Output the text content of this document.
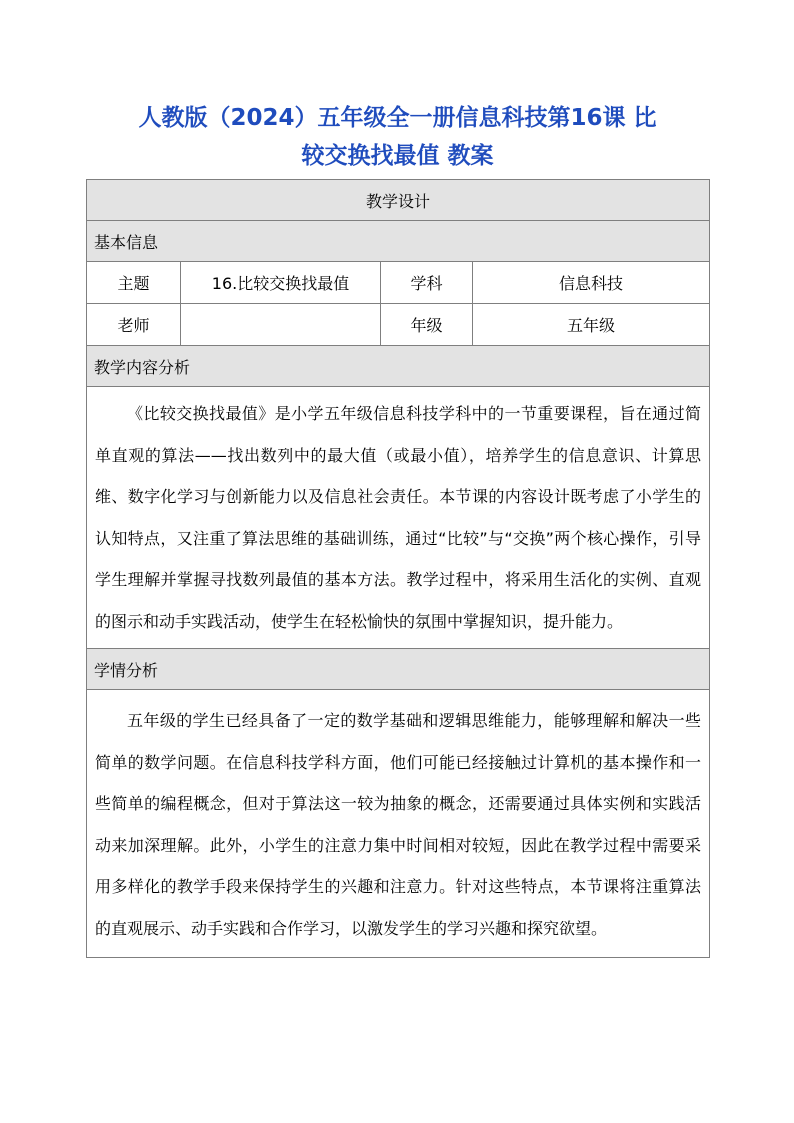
人教版（2024）五年级全一册信息科技第16课 比
较交换找最值 教案
教学设计			
基本信息			
主题	16.比较交换找最值	学科	信息科技
老师		年级	五年级
教学内容分析			
《比较交换找最值》是小学五年级信息科技学科中的一节重要课程，旨在通过简单直观的算法——找出数列中的最大值（或最小值），培养学生的信息意识、计算思维、数字化学习与创新能力以及信息社会责任。本节课的内容设计既考虑了小学生的认知特点，又注重了算法思维的基础训练，通过“比较”与“交换”两个核心操作，引导学生理解并掌握寻找数列最值的基本方法。教学过程中，将采用生活化的实例、直观的图示和动手实践活动，使学生在轻松愉快的氛围中掌握知识，提升能力。			
学情分析			
五年级的学生已经具备了一定的数学基础和逻辑思维能力，能够理解和解决一些简单的数学问题。在信息科技学科方面，他们可能已经接触过计算机的基本操作和一些简单的编程概念，但对于算法这一较为抽象的概念，还需要通过具体实例和实践活动来加深理解。此外，小学生的注意力集中时间相对较短，因此在教学过程中需要采用多样化的教学手段来保持学生的兴趣和注意力。针对这些特点，本节课将注重算法的直观展示、动手实践和合作学习，以激发学生的学习兴趣和探究欲望。			
